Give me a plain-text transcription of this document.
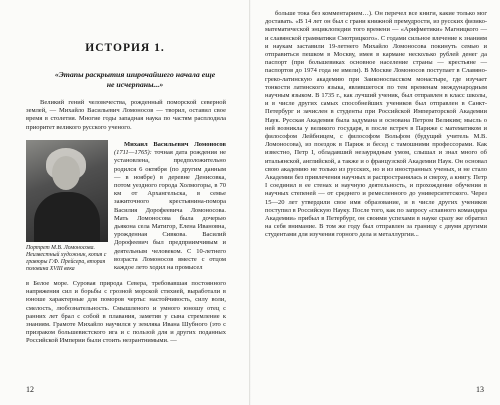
ИСТОРИЯ 1.
«Этапы раскрытия широчайшего начала еще не исчерпаны...»
Великий гений человечества, рожденный поморской северной землей, — Михайло Васильевич Ломоносов — творил, оставил свое время в столетия. Многие годы западная наука по частям расплодила приоритет великого русского ученого.
Портрет М.В. Ломоносова. Неизвестный художник, копия с гравюры Г.Ф. Прейсера, вторая половина XVIII века
Михаил Васильевич Ломоносов (1711—1765): точная дата рождения не установлена, предположительно родился 6 октября (по другим данным — в ноябре) в деревне Денисовка, потом уездного города Холмогоры, в 70 км от Архангельска, в семье зажиточного крестьянина-помора Василия Дорофеевича Ломоносова. Мать Ломоносова была дочерью дьякона села Матигор, Елена Ивановна, урожденная Сивкова. Василий Дорофеевич был предприимчивым и деятельным человеком. С 10-летнего возраста Ломоносов вместе с отцом каждое лето ходил на промысел
в Белое море. Суровая природа Севера, требовавшая постоянного напряжения сил и борьбы с грозной морской стихией, выработали в юноше характерные для поморов черты: настойчивость, силу воли, смелость, любознательность. Смышленого и умного юношу отец с ранних лет брал с собой в плавания, заметив у сына стремление к знаниям. Грамоте Михайло научился у земляка Ивана Шубного (это с призраком большевистского ига и с пользой для и других поданных Российской Империи были стоить незрантнимыми. —
12
больше тока без комментарием…). Он перечел все книги, какие только мог доставать. «В 14 лет он был с грани книжной премудрости, из русских физико-математической энциклопедии того времени — «Арифметики» Магницкого — и славянской грамматики Смотрицкого». С годами сильное влечение к знаниям и наукам заставили 19-летнего Михайло Ломоносова покинуть семью и отправиться пешком в Москву, имея в кармане несколько рублей денег да паспорт (при большевиках основное население страны — крестьяне — паспортов до 1974 года не имели). В Москве Ломоносов поступает в Славяно-греко-латинскую академию при Заиконоспасском монастыре, где изучает тонкости латинского языка, являвшегося по тем временам международным научным языком. В 1735 г., как лучший ученик, был отправлен в класс школы, и в числе других самых способнейших учеников был отправлен в Санкт-Петербург и зачислен в студенты при Российской Императорской Академии Наук. Русская Академия была задумана и основана Петром Великим; мысль о ней возникла у великого государя, в после встреч в Париже с математиком и философом Лейбницем, с философом Вольфом (будущий учитель М.В. Ломоносова), из поездок в Париж и бесед с тамошними профессорами. Как известно, Петр I, обладавший незаурядным умом, слышал и знал много об итальянской, английской, а также и о французской Академии Наук. Он основал свою академию не только из русских, но и из иностранных ученых, и не стало Академии без привлечения научных и распространялась и сверху, а книгу. Петр I соединил в ее стенах и научную деятельность, и прохождение обучения в научных степеней — от среднего и ремесленного до университетского. Через 15—20 лет утвердили свое имя образование, и в числе других учеников поступил в Российскую Науку. После того, как по запросу «главного командира Академии» прибыл в Петербург, он своими успехами в науке сразу же обратил на себя внимание. В том же году был отправлен за границу с двумя другими студентами для изучения горного дела и металлургии...
13
